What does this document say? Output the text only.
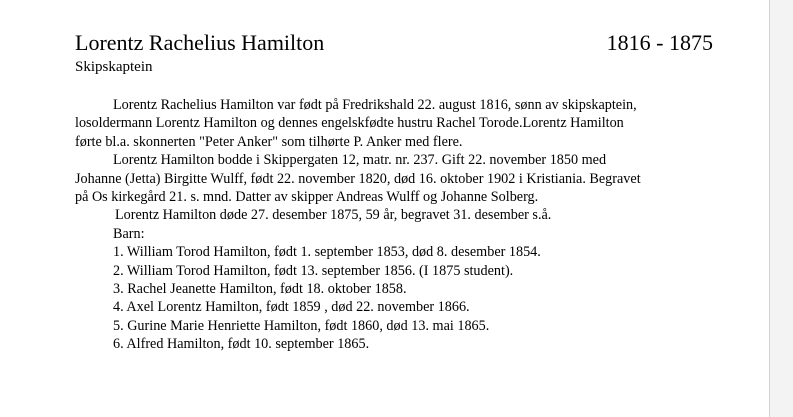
Lorentz Rachelius Hamilton	1816 - 1875
Skipskaptein
Lorentz Rachelius Hamilton var født på Fredrikshald 22. august 1816, sønn av skipskaptein,
losoldermann Lorentz Hamilton og dennes engelskfødte hustru Rachel Torode.Lorentz Hamilton
førte bl.a. skonnerten "Peter Anker" som tilhørte P. Anker med flere.
Lorentz Hamilton bodde i Skippergaten 12, matr. nr. 237. Gift 22. november 1850 med
Johanne (Jetta) Birgitte Wulff, født 22. november 1820, død 16. oktober 1902 i Kristiania. Begravet
på Os kirkegård 21. s. mnd. Datter av skipper Andreas Wulff og Johanne Solberg.
Lorentz Hamilton døde 27. desember 1875, 59 år, begravet 31. desember s.å.
Barn:
1. William Torod Hamilton, født 1. september 1853, død 8. desember 1854.
2. William Torod Hamilton, født 13. september 1856. (I 1875 student).
3. Rachel Jeanette Hamilton, født 18. oktober 1858.
4. Axel Lorentz Hamilton, født 1859 , død 22. november 1866.
5. Gurine Marie Henriette Hamilton, født 1860, død 13. mai 1865.
6. Alfred Hamilton, født 10. september 1865.
